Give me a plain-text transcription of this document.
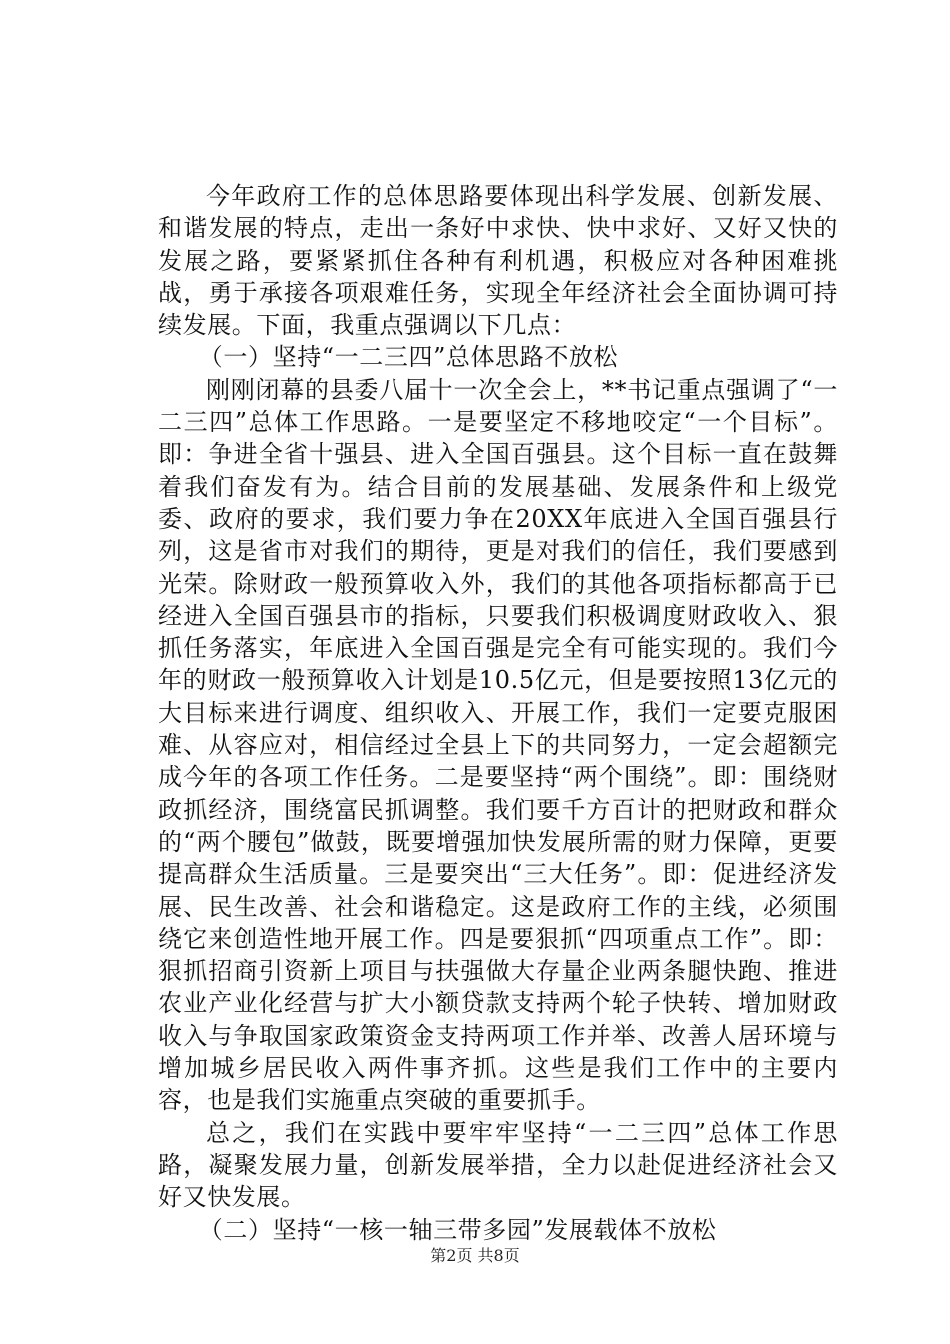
今年政府工作的总体思路要体现出科学发展、创新发展、和谐发展的特点，走出一条好中求快、快中求好、又好又快的发展之路，要紧紧抓住各种有利机遇，积极应对各种困难挑战，勇于承接各项艰难任务，实现全年经济社会全面协调可持续发展。下面，我重点强调以下几点：

（一）坚持“一二三四”总体思路不放松

刚刚闭幕的县委八届十一次全会上，**书记重点强调了“一二三四”总体工作思路。一是要坚定不移地咬定“一个目标”。即：争进全省十强县、进入全国百强县。这个目标一直在鼓舞着我们奋发有为。结合目前的发展基础、发展条件和上级党委、政府的要求，我们要力争在20XX年底进入全国百强县行列，这是省市对我们的期待，更是对我们的信任，我们要感到光荣。除财政一般预算收入外，我们的其他各项指标都高于已经进入全国百强县市的指标，只要我们积极调度财政收入、狠抓任务落实，年底进入全国百强是完全有可能实现的。我们今年的财政一般预算收入计划是10.5亿元，但是要按照13亿元的大目标来进行调度、组织收入、开展工作，我们一定要克服困难、从容应对，相信经过全县上下的共同努力，一定会超额完成今年的各项工作任务。二是要坚持“两个围绕”。即：围绕财政抓经济，围绕富民抓调整。我们要千方百计的把财政和群众的“两个腰包”做鼓，既要增强加快发展所需的财力保障，更要提高群众生活质量。三是要突出“三大任务”。即：促进经济发展、民生改善、社会和谐稳定。这是政府工作的主线，必须围绕它来创造性地开展工作。四是要狠抓“四项重点工作”。即：狠抓招商引资新上项目与扶强做大存量企业两条腿快跑、推进农业产业化经营与扩大小额贷款支持两个轮子快转、增加财政收入与争取国家政策资金支持两项工作并举、改善人居环境与增加城乡居民收入两件事齐抓。这些是我们工作中的主要内容，也是我们实施重点突破的重要抓手。

总之，我们在实践中要牢牢坚持“一二三四”总体工作思路，凝聚发展力量，创新发展举措，全力以赴促进经济社会又好又快发展。

（二）坚持“一核一轴三带多园”发展载体不放松

第2页 共8页
